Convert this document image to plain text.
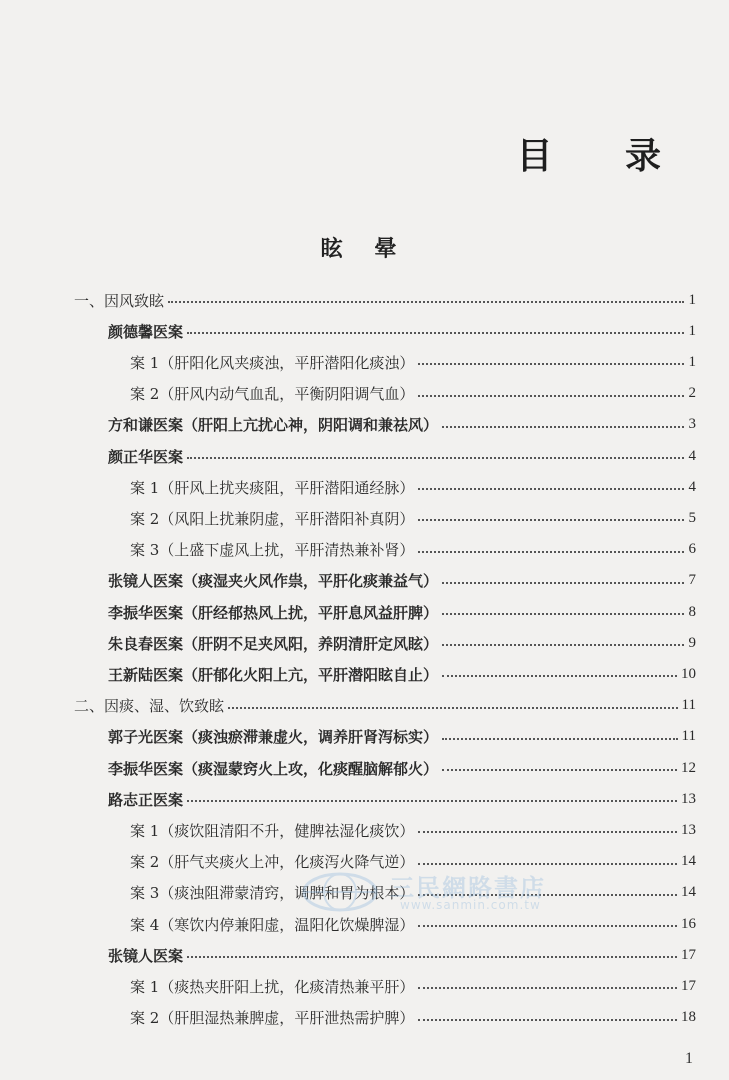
目 录
眩 晕
一、因风致眩	1
颜德馨医案	1
案 1（肝阳化风夹痰浊，平肝潜阳化痰浊）	1
案 2（肝风内动气血乱，平衡阴阳调气血）	2
方和谦医案（肝阳上亢扰心神，阴阳调和兼祛风）	3
颜正华医案	4
案 1（肝风上扰夹痰阻，平肝潜阳通经脉）	4
案 2（风阳上扰兼阴虚，平肝潜阳补真阴）	5
案 3（上盛下虚风上扰，平肝清热兼补肾）	6
张镜人医案（痰湿夹火风作祟，平肝化痰兼益气）	7
李振华医案（肝经郁热风上扰，平肝息风益肝脾）	8
朱良春医案（肝阴不足夹风阳，养阴清肝定风眩）	9
王新陆医案（肝郁化火阳上亢，平肝潜阳眩自止）	10
二、因痰、湿、饮致眩	11
郭子光医案（痰浊瘀滞兼虚火，调养肝肾泻标实）	11
李振华医案（痰湿蒙窍火上攻，化痰醒脑解郁火）	12
路志正医案	13
案 1（痰饮阻清阳不升，健脾祛湿化痰饮）	13
案 2（肝气夹痰火上冲，化痰泻火降气逆）	14
案 3（痰浊阻滞蒙清窍，调脾和胃为根本）	14
案 4（寒饮内停兼阳虚，温阳化饮燥脾湿）	16
张镜人医案	17
案 1（痰热夹肝阳上扰，化痰清热兼平肝）	17
案 2（肝胆湿热兼脾虚，平肝泄热需护脾）	18
三民網路書店
www.sanmin.com.tw
1
